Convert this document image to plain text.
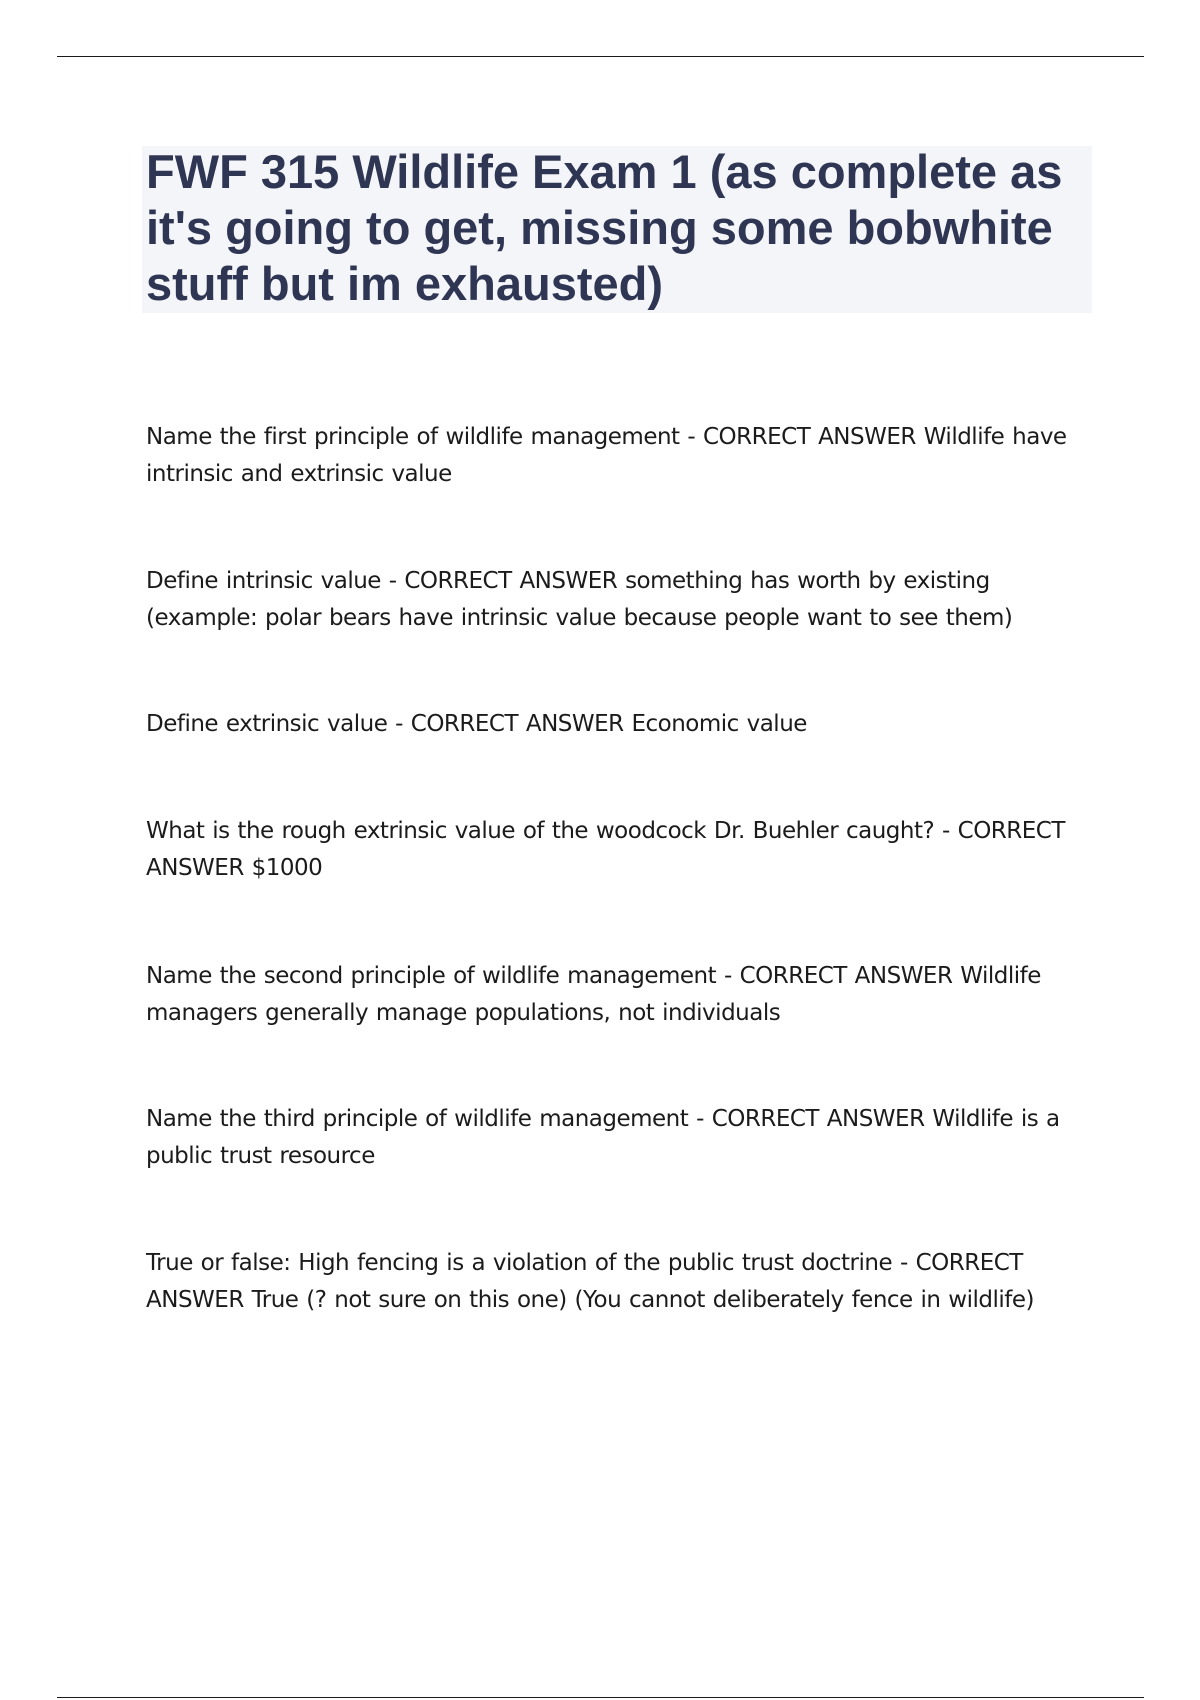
FWF 315 Wildlife Exam 1 (as complete as it's going to get, missing some bobwhite stuff but im exhausted)

Name the first principle of wildlife management - CORRECT ANSWER Wildlife have intrinsic and extrinsic value

Define intrinsic value - CORRECT ANSWER something has worth by existing (example: polar bears have intrinsic value because people want to see them)

Define extrinsic value - CORRECT ANSWER Economic value

What is the rough extrinsic value of the woodcock Dr. Buehler caught? - CORRECT ANSWER $1000

Name the second principle of wildlife management - CORRECT ANSWER Wildlife managers generally manage populations, not individuals

Name the third principle of wildlife management - CORRECT ANSWER Wildlife is a public trust resource

True or false: High fencing is a violation of the public trust doctrine - CORRECT ANSWER True (? not sure on this one) (You cannot deliberately fence in wildlife)
